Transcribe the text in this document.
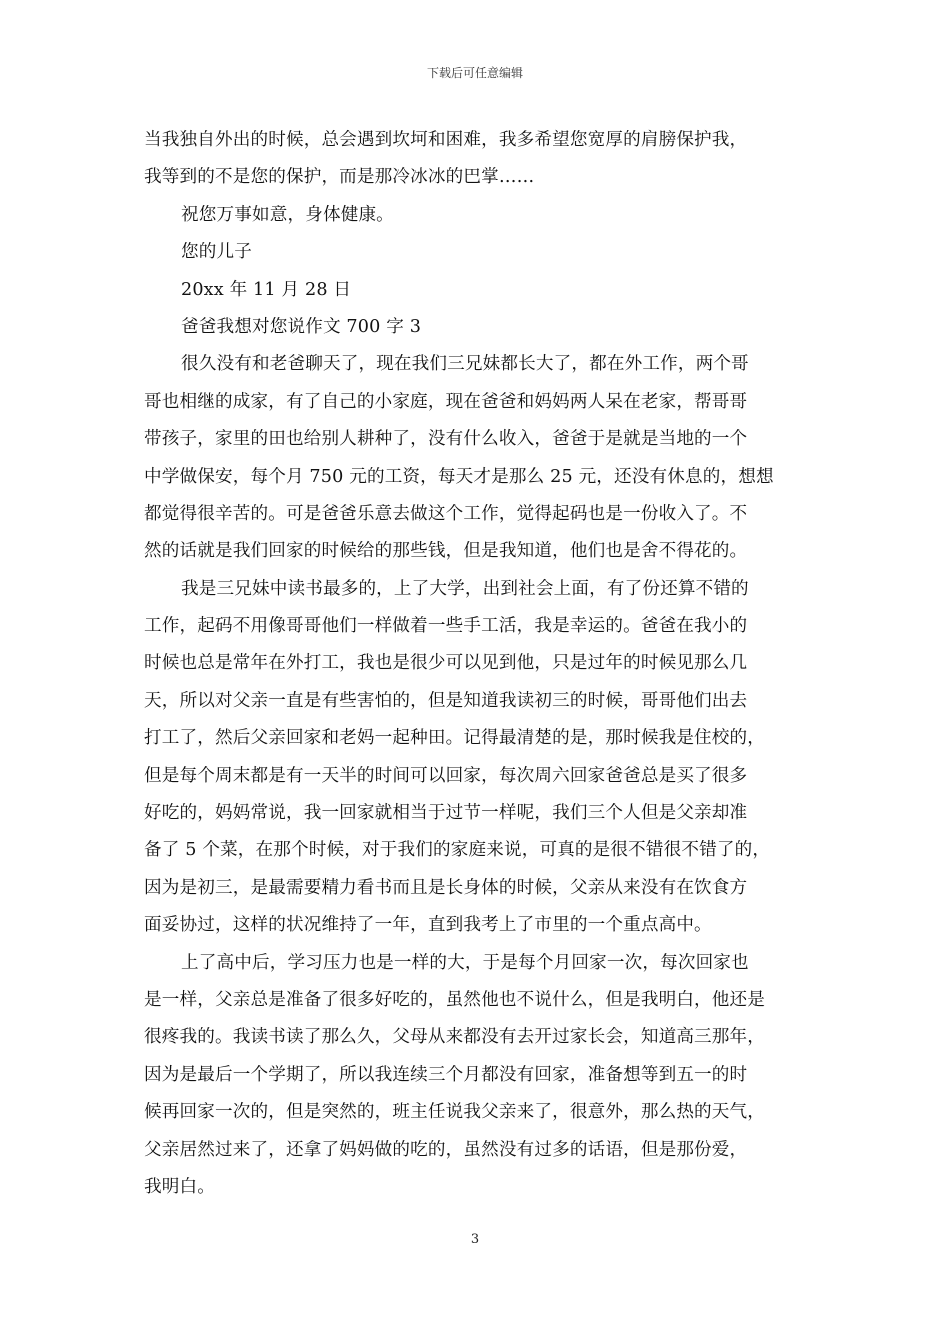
下载后可任意编辑
当我独自外出的时候，总会遇到坎坷和困难，我多希望您宽厚的肩膀保护我，
我等到的不是您的保护，而是那冷冰冰的巴掌……
祝您万事如意，身体健康。
您的儿子
20xx 年 11 月 28 日
爸爸我想对您说作文 700 字 3
很久没有和老爸聊天了，现在我们三兄妹都长大了，都在外工作，两个哥
哥也相继的成家，有了自己的小家庭，现在爸爸和妈妈两人呆在老家，帮哥哥
带孩子，家里的田也给别人耕种了，没有什么收入，爸爸于是就是当地的一个
中学做保安，每个月 750 元的工资，每天才是那么 25 元，还没有休息的，想想
都觉得很辛苦的。可是爸爸乐意去做这个工作，觉得起码也是一份收入了。不
然的话就是我们回家的时候给的那些钱，但是我知道，他们也是舍不得花的。
我是三兄妹中读书最多的，上了大学，出到社会上面，有了份还算不错的
工作，起码不用像哥哥他们一样做着一些手工活，我是幸运的。爸爸在我小的
时候也总是常年在外打工，我也是很少可以见到他，只是过年的时候见那么几
天，所以对父亲一直是有些害怕的，但是知道我读初三的时候，哥哥他们出去
打工了，然后父亲回家和老妈一起种田。记得最清楚的是，那时候我是住校的，
但是每个周末都是有一天半的时间可以回家，每次周六回家爸爸总是买了很多
好吃的，妈妈常说，我一回家就相当于过节一样呢，我们三个人但是父亲却准
备了 5 个菜，在那个时候，对于我们的家庭来说，可真的是很不错很不错了的，
因为是初三，是最需要精力看书而且是长身体的时候，父亲从来没有在饮食方
面妥协过，这样的状况维持了一年，直到我考上了市里的一个重点高中。
上了高中后，学习压力也是一样的大，于是每个月回家一次，每次回家也
是一样，父亲总是准备了很多好吃的，虽然他也不说什么，但是我明白，他还是
很疼我的。我读书读了那么久，父母从来都没有去开过家长会，知道高三那年，
因为是最后一个学期了，所以我连续三个月都没有回家，准备想等到五一的时
候再回家一次的，但是突然的，班主任说我父亲来了，很意外，那么热的天气，
父亲居然过来了，还拿了妈妈做的吃的，虽然没有过多的话语，但是那份爱，
我明白。
3
